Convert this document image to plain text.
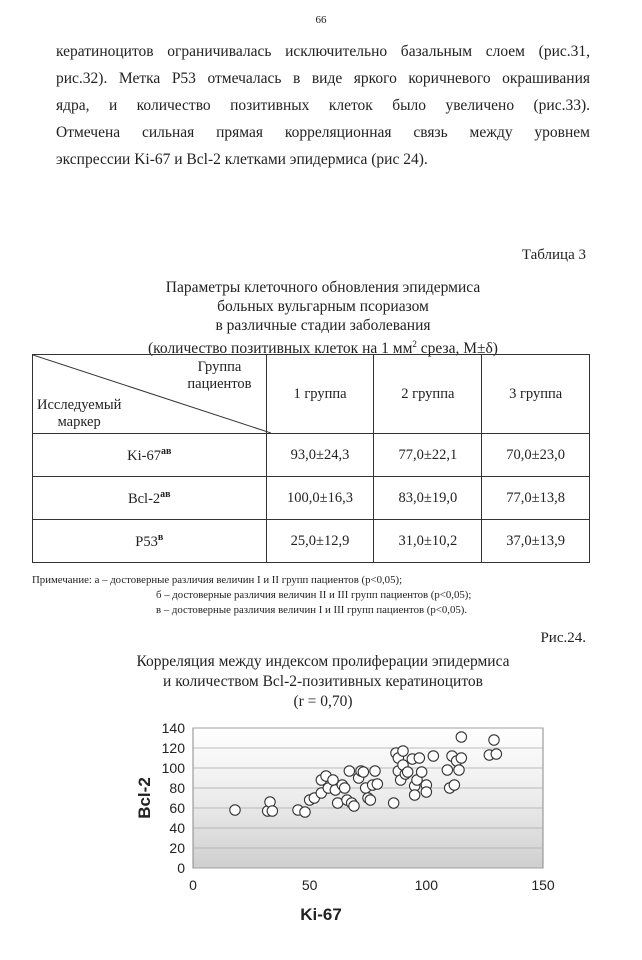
66
кератиноцитов ограничивалась исключительно базальным слоем (рис.31,
рис.32). Метка Р53 отмечалась в виде яркого коричневого окрашивания
ядра, и количество позитивных клеток было увеличено (рис.33).
Отмечена сильная прямая корреляционная связь между уровнем
экспрессии Ki-67 и Bcl-2 клетками эпидермиса (рис 24).
Таблица 3
Параметры клеточного обновления эпидермиса
больных вульгарным псориазом
в различные стадии заболевания
(количество позитивных клеток на 1 $мм^2$ среза, M±δ)
Группа
пациентов
Исследуемый
маркер	1 группа	2 группа	3 группа
$Ki-67^{ав}$	93,0±24,3	77,0±22,1	70,0±23,0
Bcl-$2^{ав}$	100,0±16,3	83,0±19,0	77,0±13,8
$P53^в$	25,0±12,9	31,0±10,2	37,0±13,9
Примечание: а – достоверные различия величин I и II групп пациентов (p<0,05);
б – достоверные различия величин II и III групп пациентов (p<0,05);
в – достоверные различия величин I и III групп пациентов (p<0,05).
Рис.24.
Корреляция между индексом пролиферации эпидермиса
и количеством Bcl-2-позитивных кератиноцитов
(r = 0,70)
0
20
40
60
80
100
120
140
0	50	100	150
Bcl-2
Ki-67
